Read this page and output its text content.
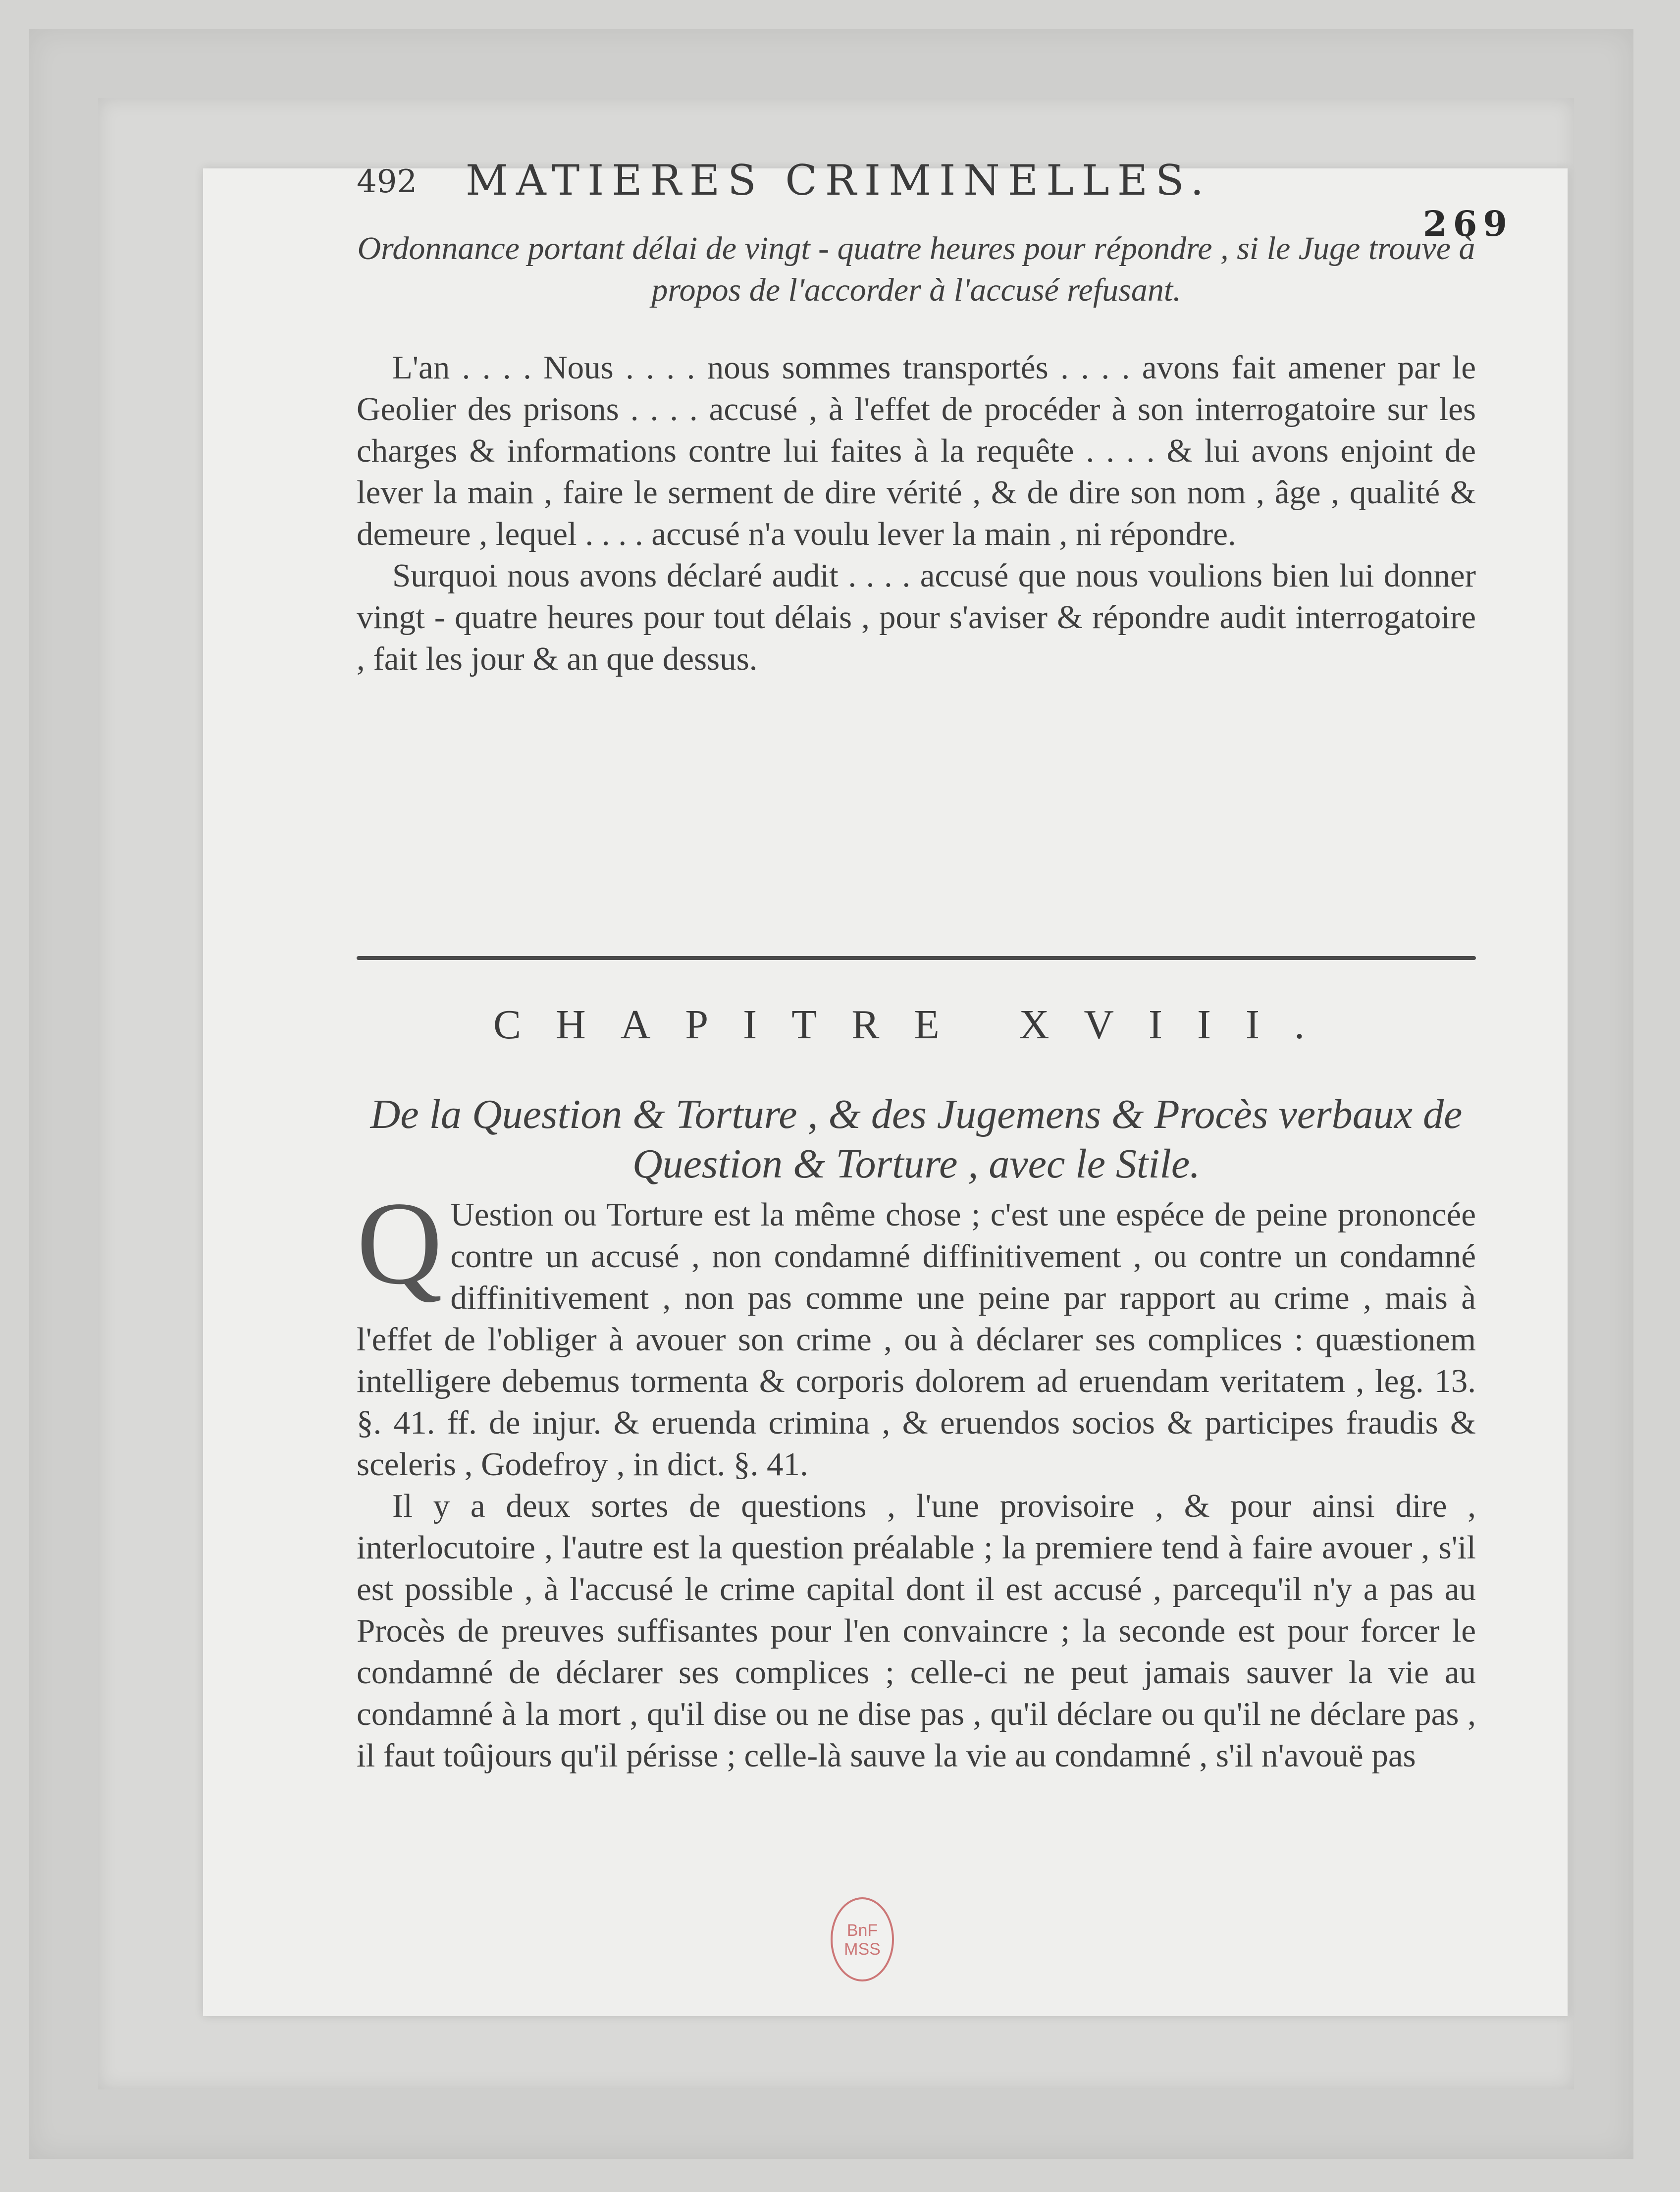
269
492 MATIERES CRIMINELLES.
Ordonnance portant délai de vingt - quatre heures pour répondre , si le Juge trouve à propos de l'accorder à l'accusé refusant.

L'an . . . . Nous . . . . nous sommes transportés . . . . avons fait amener par le Geolier des prisons . . . . accusé , à l'effet de procéder à son interrogatoire sur les charges & informations contre lui faites à la requête . . . . & lui avons enjoint de lever la main , faire le serment de dire vérité , & de dire son nom , âge , qualité & demeure , lequel . . . . accusé n'a voulu lever la main , ni répondre.

Surquoi nous avons déclaré audit . . . . accusé que nous voulions bien lui donner vingt - quatre heures pour tout délais , pour s'aviser & répondre audit interrogatoire , fait les jour & an que dessus.

CHAPITRE XVIII.
De la Question & Torture , & des Jugemens & Procès verbaux de Question & Torture , avec le Stile.

Q Uestion ou Torture est la même chose ; c'est une espéce de peine prononcée contre un accusé , non condamné diffinitivement , ou contre un condamné diffinitivement , non pas comme une peine par rapport au crime , mais à l'effet de l'obliger à avouer son crime , ou à déclarer ses complices : quæstionem intelligere debemus tormenta & corporis dolorem ad eruendam veritatem , leg. 13. §. 41. ff. de injur. & eruenda crimina , & eruendos socios & participes fraudis & sceleris , Godefroy , in dict. §. 41.

Il y a deux sortes de questions , l'une provisoire , & pour ainsi dire , interlocutoire , l'autre est la question préalable ; la premiere tend à faire avouer , s'il est possible , à l'accusé le crime capital dont il est accusé , parcequ'il n'y a pas au Procès de preuves suffisantes pour l'en convaincre ; la seconde est pour forcer le condamné de déclarer ses complices ; celle-ci ne peut jamais sauver la vie au condamné à la mort , qu'il dise ou ne dise pas , qu'il déclare ou qu'il ne déclare pas , il faut toûjours qu'il périsse ; celle-là sauve la vie au condamné , s'il n'avouë pas

BnF
MSS
